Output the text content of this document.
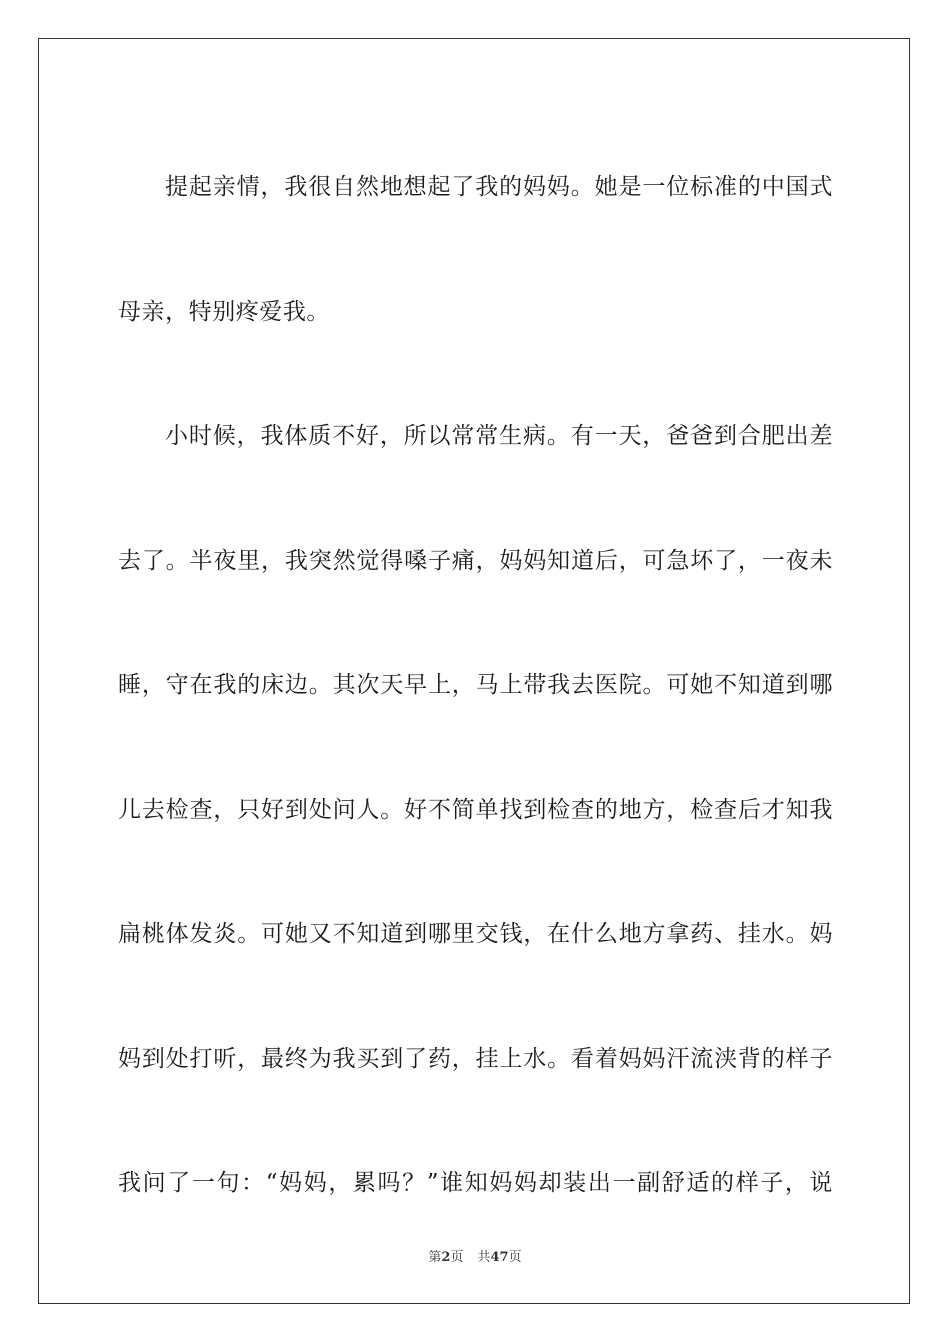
提起亲情，我很自然地想起了我的妈妈。她是一位标准的中国式
母亲，特别疼爱我。
小时候，我体质不好，所以常常生病。有一天，爸爸到合肥出差
去了。半夜里，我突然觉得嗓子痛，妈妈知道后，可急坏了，一夜未
睡，守在我的床边。其次天早上，马上带我去医院。可她不知道到哪
儿去检查，只好到处问人。好不简单找到检查的地方，检查后才知我
扁桃体发炎。可她又不知道到哪里交钱，在什么地方拿药、挂水。妈
妈到处打听，最终为我买到了药，挂上水。看着妈妈汗流浃背的样子
我问了一句：“妈妈，累吗？”谁知妈妈却装出一副舒适的样子，说
第2页 共47页
